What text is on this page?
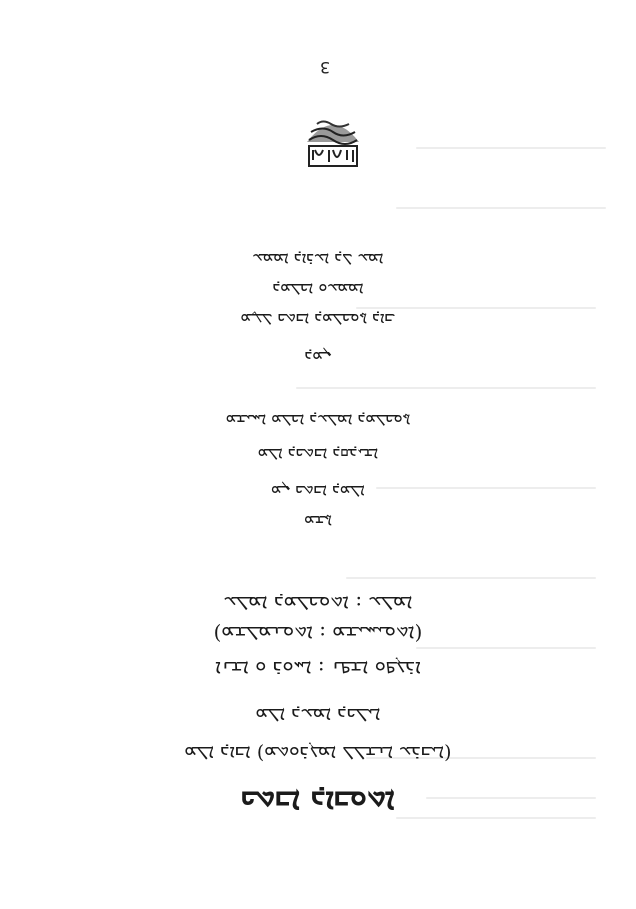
ܟܬܒܐ ܕܐܒܘܬܐ
(ܡܬܘܪܓܡܐ ܠܠܫܢܐ ܥܪܒܝܐ) ܡܠܐ ܕܐܒܐ
ܡܠܐ ܕܥܡܐ ܕܟܠܝܐ
ܐܢܫܐ ܘ ܪܘܚܐ : ܢܦܫܐ ܘܦܓܪܐ
(ܡܫܠܡܢܘܬܐ : ܡܫܝܚܝܘܬܐ)
ܥܠܡܐ ܕܡܠܟܘܬܐ : ܥܠܡܐ
ܡܫܬܐ
ܡܢ ܟܬܒܐ ܕܡܠܐ
ܡܠܐ ܕܟܬܒܐ ܕܩܕܝܫܐ
ܡܫܝܚܐ ܡܠܟܐ ܕܥܠܡܐ ܕܡܠܟܘܬܐ
ܕܡܢ
ܡܛܠ ܟܬܒܐ ܕܡܠܟܘܬܐ ܕܐܒ
ܕܡܠܟܐ ܘܥܡܡܐ
ܥܡܡܐ ܕܐܪܥܐ ܕܠ ܥܡܐ
3
